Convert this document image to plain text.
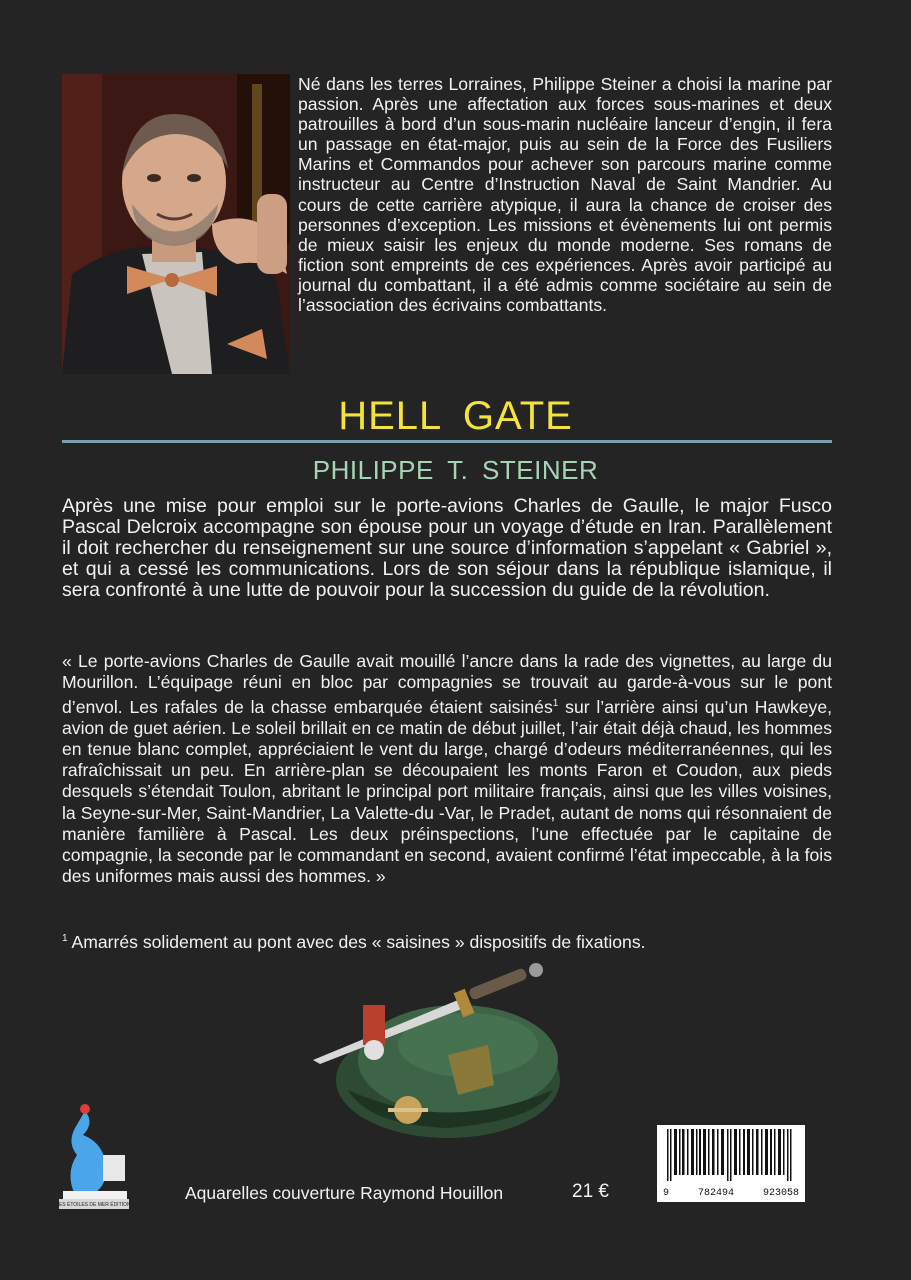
Né dans les terres Lorraines, Philippe Steiner a choisi la marine par passion. Après une affectation aux forces sous-marines et deux patrouilles à bord d’un sous-marin nucléaire lanceur d’engin, il fera un passage en état-major, puis au sein de la Force des Fusiliers Marins et Commandos pour achever son parcours marine comme instructeur au Centre d’Instruction Naval de Saint Mandrier. Au cours de cette carrière atypique, il aura la chance de croiser des personnes d’exception. Les missions et évènements lui ont permis de mieux saisir les enjeux du monde moderne. Ses romans de fiction sont empreints de ces expériences. Après avoir participé au journal du combattant, il a été admis comme sociétaire au sein de l’association des écrivains combattants.

HELL GATE
PHILIPPE T. STEINER

Après une mise pour emploi sur le porte-avions Charles de Gaulle, le major Fusco Pascal Delcroix accompagne son épouse pour un voyage d’étude en Iran. Parallèlement il doit rechercher du renseignement sur une source d’information s’appelant « Gabriel », et qui a cessé les communications. Lors de son séjour dans la république islamique, il sera confronté à une lutte de pouvoir pour la succession du guide de la révolution.

« Le porte-avions Charles de Gaulle avait mouillé l’ancre dans la rade des vignettes, au large du Mourillon. L’équipage réuni en bloc par compagnies se trouvait au garde-à-vous sur le pont d’envol. Les rafales de la chasse embarquée étaient saisinés$^1$ sur l’arrière ainsi qu’un Hawkeye, avion de guet aérien. Le soleil brillait en ce matin de début juillet, l’air était déjà chaud, les hommes en tenue blanc complet, appréciaient le vent du large, chargé d’odeurs méditerranéennes, qui les rafraîchissait un peu. En arrière-plan se découpaient les monts Faron et Coudon, aux pieds desquels s’étendait Toulon, abritant le principal port militaire français, ainsi que les villes voisines, la Seyne-sur-Mer, Saint-Mandrier, La Valette-du -Var, le Pradet, autant de noms qui résonnaient de manière familière à Pascal. Les deux préinspections, l’une effectuée par le capitaine de compagnie, la seconde par le commandant en second, avaient confirmé l’état impeccable, à la fois des uniformes mais aussi des hommes. »

$^1$ Amarrés solidement au pont avec des « saisines » dispositifs de fixations.

LES ÉTOILES DE MER ÉDITIONS
Aquarelles couverture Raymond Houillon	21 €	9	782494	923058
